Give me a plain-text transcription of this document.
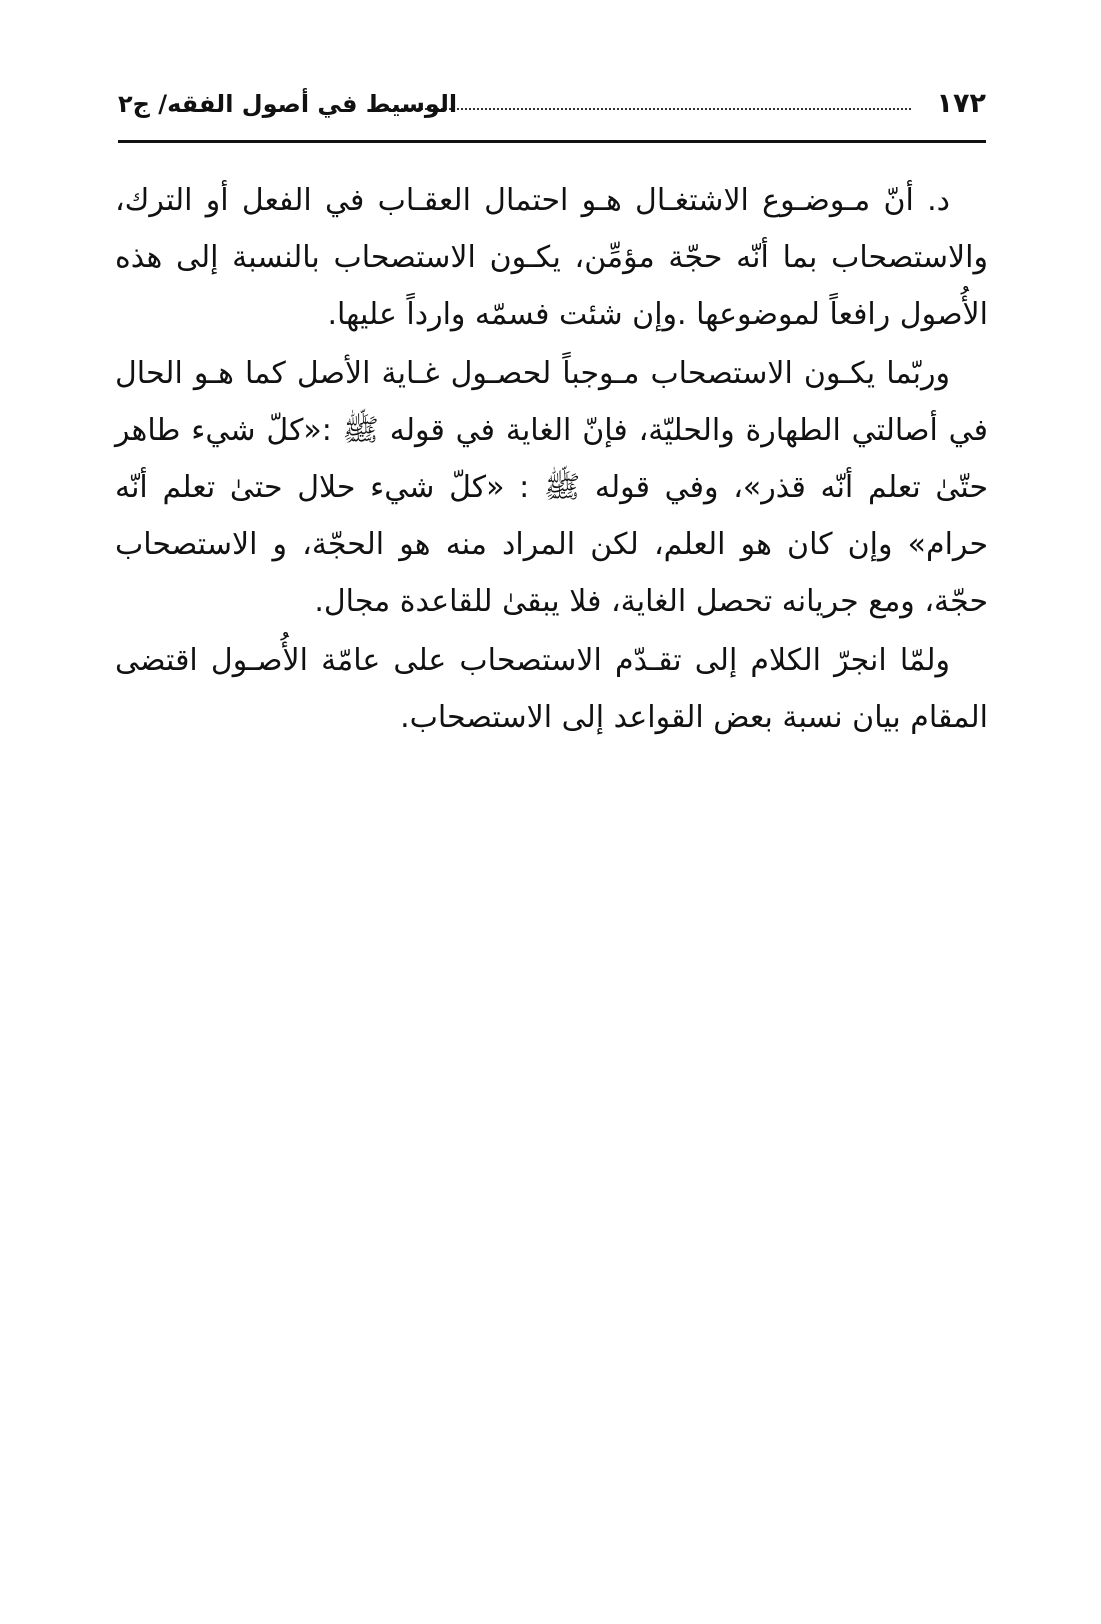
١٧٢
الوسيط في أصول الفقه/ ج٢

د. أنّ مـوضـوع الاشتغـال هـو احتمال العقـاب في الفعل أو الترك، والاستصحاب بما أنّه حجّة مؤمِّن، يكـون الاستصحاب بالنسبة إلى هذه الأُصول رافعاً لموضوعها .وإن شئت فسمّه وارداً عليها.

وربّما يكـون الاستصحاب مـوجباً لحصـول غـاية الأصل كما هـو الحال في أصالتي الطهارة والحليّة، فإنّ الغاية في قوله ﷺ :«كلّ شيء طاهر حتّىٰ تعلم أنّه قذر»، وفي قوله ﷺ : «كلّ شيء حلال حتىٰ تعلم أنّه حرام» وإن كان هو العلم، لكن المراد منه هو الحجّة، و الاستصحاب حجّة، ومع جريانه تحصل الغاية، فلا يبقىٰ للقاعدة مجال.

ولمّا انجرّ الكلام إلى تقـدّم الاستصحاب على عامّة الأُصـول اقتضى المقام بيان نسبة بعض القواعد إلى الاستصحاب.
